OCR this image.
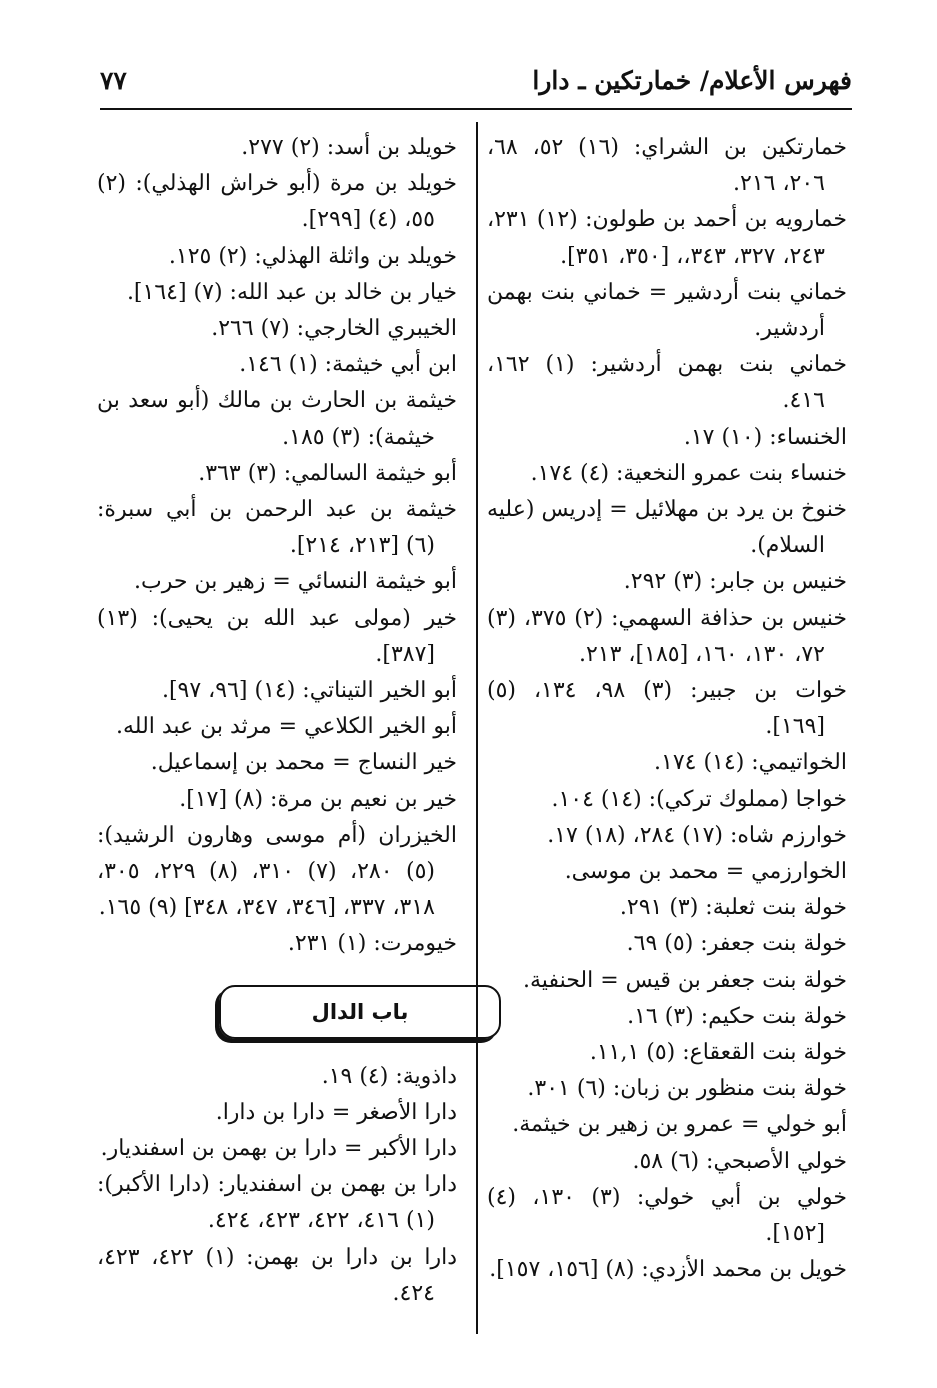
فهرس الأعلام/ خمارتكين ـ دارا
٧٧
خمارتكين بن الشراي: (١٦) ٥٢، ٦٨، ٢٠٦، ٢١٦.
خمارويه بن أحمد بن طولون: (١٢) ٢٣١، ٢٤٣، ٣٢٧، ٣٤٣،، [٣٥٠، ٣٥١].
خماني بنت أردشير = خماني بنت بهمن أردشير.
خماني بنت بهمن أردشير: (١) ١٦٢، ٤١٦.
الخنساء: (١٠) ١٧.
خنساء بنت عمرو النخعية: (٤) ١٧٤.
خنوخ بن يرد بن مهلائيل = إدريس (عليه السلام).
خنيس بن جابر: (٣) ٢٩٢.
خنيس بن حذافة السهمي: (٢) ٣٧٥، (٣) ٧٢، ١٣٠، ١٦٠، [١٨٥]، ٢١٣.
خوات بن جبير: (٣) ٩٨، ١٣٤، (٥) [١٦٩].
الخواتيمي: (١٤) ١٧٤.
خواجا (مملوك تركي): (١٤) ١٠٤.
خوارزم شاه: (١٧) ٢٨٤، (١٨) ١٧.
الخوارزمي = محمد بن موسى.
خولة بنت ثعلبة: (٣) ٢٩١.
خولة بنت جعفر: (٥) ٦٩.
خولة بنت جعفر بن قيس = الحنفية.
خولة بنت حكيم: (٣) ١٦.
خولة بنت القعقاع: (٥) ١١,١.
خولة بنت منظور بن زبان: (٦) ٣٠١.
أبو خولي = عمرو بن زهير بن خيثمة.
خولي الأصبحي: (٦) ٥٨.
خولي بن أبي خولي: (٣) ١٣٠، (٤) [١٥٢].
خويل بن محمد الأزدي: (٨) [١٥٦، ١٥٧].
خويلد بن أسد: (٢) ٢٧٧.
خويلد بن مرة (أبو خراش الهذلي): (٢) ٥٥، (٤) [٢٩٩].
خويلد بن واثلة الهذلي: (٢) ١٢٥.
خيار بن خالد بن عبد الله: (٧) [١٦٤].
الخيبري الخارجي: (٧) ٢٦٦.
ابن أبي خيثمة: (١) ١٤٦.
خيثمة بن الحارث بن مالك (أبو سعد بن خيثمة): (٣) ١٨٥.
أبو خيثمة السالمي: (٣) ٣٦٣.
خيثمة بن عبد الرحمن بن أبي سبرة: (٦) [٢١٣، ٢١٤].
أبو خيثمة النسائي = زهير بن حرب.
خير (مولى عبد الله بن يحيى): (١٣) [٣٨٧].
أبو الخير التيناتي: (١٤) [٩٦، ٩٧].
أبو الخير الكلاعي = مرثد بن عبد الله.
خير النساج = محمد بن إسماعيل.
خير بن نعيم بن مرة: (٨) [١٧].
الخيزران (أم موسى وهارون الرشيد): (٥) ٢٨٠، (٧) ٣١٠، (٨) ٢٢٩، ٣٠٥، ٣١٨، ٣٣٧، [٣٤٦، ٣٤٧، ٣٤٨] (٩) ١٦٥.
خيومرت: (١) ٢٣١.
باب الدال
داذوية: (٤) ١٩.
دارا الأصغر = دارا بن دارا.
دارا الأكبر = دارا بن بهمن بن اسفنديار.
دارا بن بهمن بن اسفنديار: (دارا الأكبر): (١) ٤١٦، ٤٢٢، ٤٢٣، ٤٢٤.
دارا بن دارا بن بهمن: (١) ٤٢٢، ٤٢٣، ٤٢٤.
